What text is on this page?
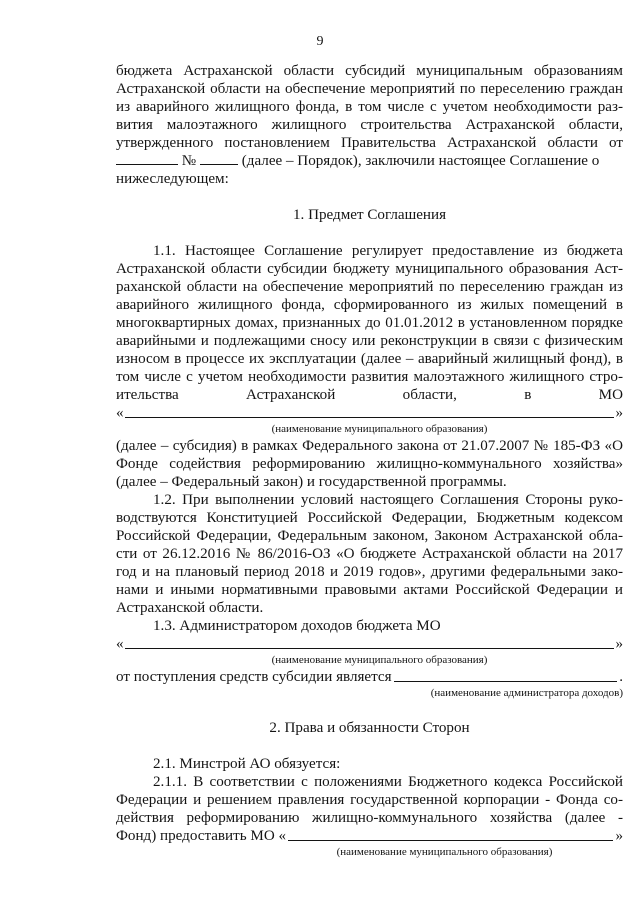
9
бюджета Астраханской области субсидий муниципальным образованиям
Астраханской области на обеспечение мероприятий по переселению граждан
из аварийного жилищного фонда, в том числе с учетом необходимости раз-
вития малоэтажного жилищного строительства Астраханской области,
утвержденного постановлением Правительства Астраханской области от
№	(далее – Порядок), заключили настоящее Соглашение о
нижеследующем:
1. Предмет Соглашения
1.1. Настоящее Соглашение регулирует предоставление из бюджета
Астраханской области субсидии бюджету муниципального образования Аст-
раханской области на обеспечение мероприятий по переселению граждан из
аварийного жилищного фонда, сформированного из жилых помещений в
многоквартирных домах, признанных до 01.01.2012 в установленном порядке
аварийными и подлежащими сносу или реконструкции в связи с физическим
износом в процессе их эксплуатации (далее – аварийный жилищный фонд), в
том числе с учетом необходимости развития малоэтажного жилищного стро-
ительства	Астраханской	области,	в	МО
«	»
(наименование муниципального образования)
(далее – субсидия) в рамках Федерального закона от 21.07.2007 № 185-ФЗ «О
Фонде содействия реформированию жилищно-коммунального хозяйства»
(далее – Федеральный закон) и государственной программы.
1.2. При выполнении условий настоящего Соглашения Стороны руко-
водствуются Конституцией Российской Федерации, Бюджетным кодексом
Российской Федерации, Федеральным законом, Законом Астраханской обла-
сти от 26.12.2016 № 86/2016-ОЗ «О бюджете Астраханской области на 2017
год и на плановый период 2018 и 2019 годов», другими федеральными зако-
нами и иными нормативными правовыми актами Российской Федерации и
Астраханской области.
1.3. Администратором доходов бюджета МО
«	»
(наименование муниципального образования)
от поступления средств субсидии является	.
(наименование администратора доходов)
2. Права и обязанности Сторон
2.1. Минстрой АО обязуется:
2.1.1. В соответствии с положениями Бюджетного кодекса Российской
Федерации и решением правления государственной корпорации - Фонда со-
действия реформированию жилищно-коммунального хозяйства (далее -
Фонд) предоставить МО «	»
(наименование муниципального образования)
